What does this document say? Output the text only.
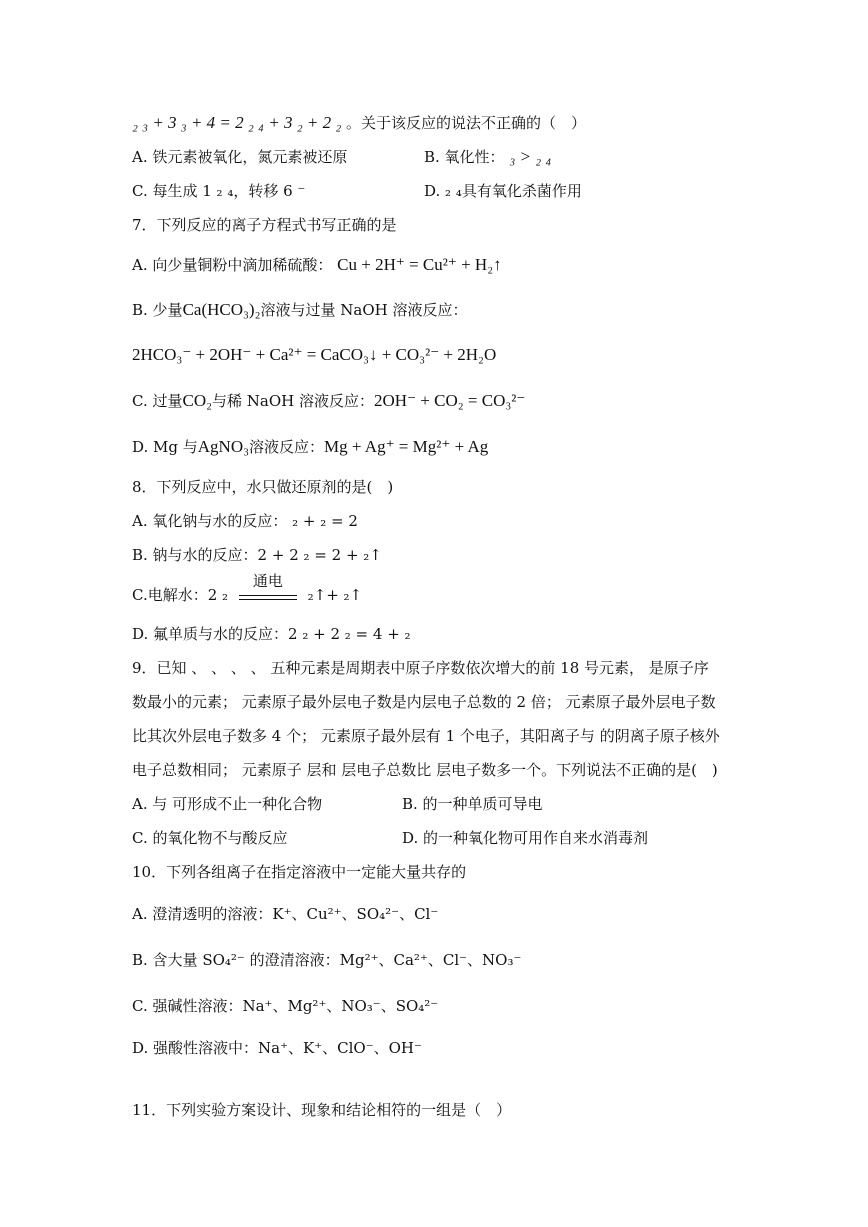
₂ ₃ + 3 ₃ + 4 = 2 ₂ ₄ + 3 ₂ + 2 ₂ 。关于该反应的说法不正确的（　）
A. 铁元素被氧化，氮元素被还原	B. 氧化性： ₃ > ₂ ₄
C. 每生成 1 ₂ ₄，转移 6 ⁻	D. ₂ ₄具有氧化杀菌作用
7．下列反应的离子方程式书写正确的是
A. 向少量铜粉中滴加稀硫酸： Cu + 2H⁺ = Cu²⁺ + H₂↑
B. 少量Ca(HCO₃)₂溶液与过量 NaOH 溶液反应：
2HCO₃⁻ + 2OH⁻ + Ca²⁺ = CaCO₃↓ + CO₃²⁻ + 2H₂O
C. 过量CO₂与稀 NaOH 溶液反应：2OH⁻ + CO₂ = CO₃²⁻
D. Mg 与AgNO₃溶液反应：Mg + Ag⁺ = Mg²⁺ + Ag
8．下列反应中，水只做还原剂的是(　)
A. 氧化钠与水的反应： ₂ + ₂ = 2
B. 钠与水的反应：2 + 2 ₂ = 2 + ₂↑
C.电解水：2 ₂
通电
₂↑+ ₂↑
D. 氟单质与水的反应：2 ₂ + 2 ₂ = 4 + ₂
9．已知 、 、 、 、 五种元素是周期表中原子序数依次增大的前 18 号元素， 是原子序
数最小的元素； 元素原子最外层电子数是内层电子总数的 2 倍； 元素原子最外层电子数
比其次外层电子数多 4 个； 元素原子最外层有 1 个电子，其阳离子与 的阴离子原子核外
电子总数相同； 元素原子 层和 层电子总数比 层电子数多一个。下列说法不正确的是(　)
A. 与 可形成不止一种化合物	B. 的一种单质可导电
C. 的氧化物不与酸反应	D. 的一种氧化物可用作自来水消毒剂
10．下列各组离子在指定溶液中一定能大量共存的
A. 澄清透明的溶液：K⁺、Cu²⁺、SO₄²⁻、Cl⁻
B. 含大量 SO₄²⁻ 的澄清溶液：Mg²⁺、Ca²⁺、Cl⁻、NO₃⁻
C. 强碱性溶液：Na⁺、Mg²⁺、NO₃⁻、SO₄²⁻
D. 强酸性溶液中：Na⁺、K⁺、ClO⁻、OH⁻
11．下列实验方案设计、现象和结论相符的一组是（　）
